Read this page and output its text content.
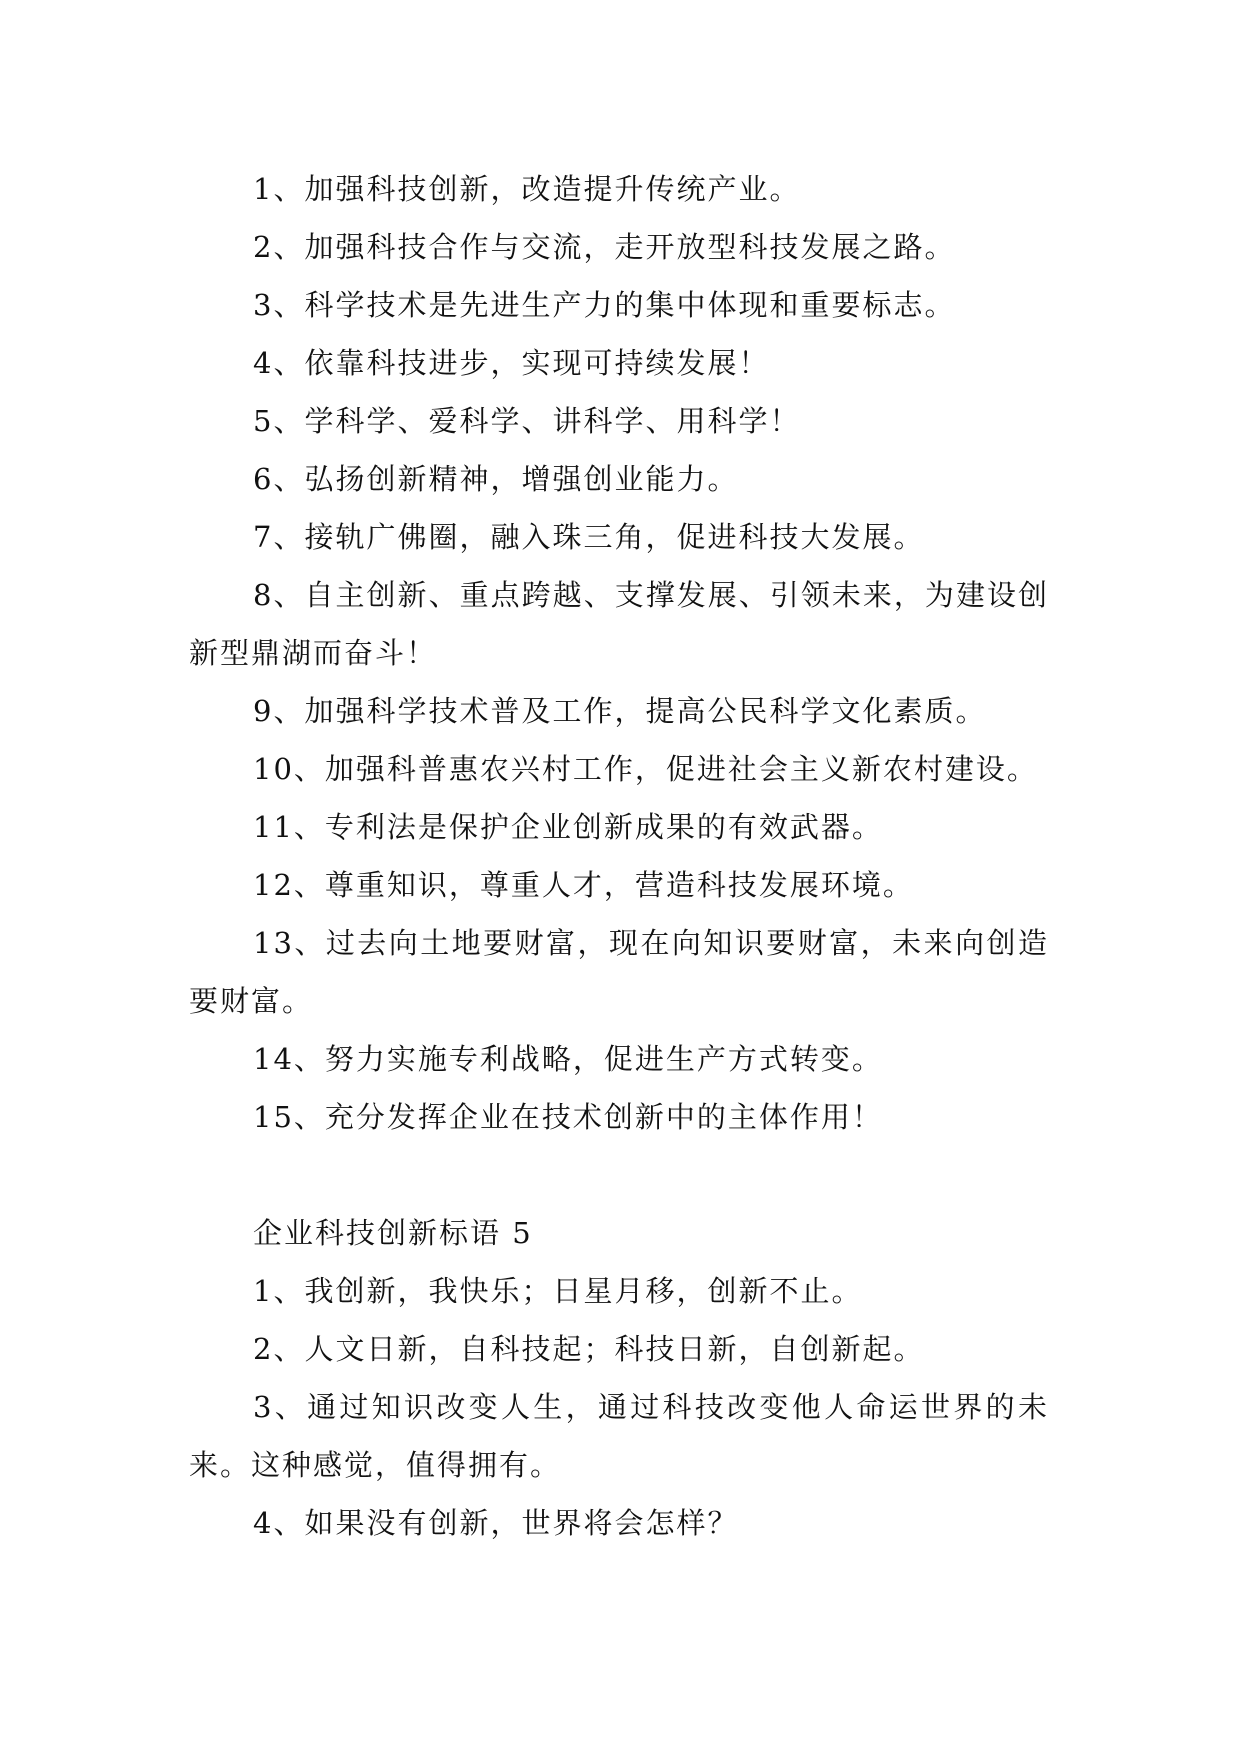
1、加强科技创新，改造提升传统产业。

2、加强科技合作与交流，走开放型科技发展之路。

3、科学技术是先进生产力的集中体现和重要标志。

4、依靠科技进步，实现可持续发展！

5、学科学、爱科学、讲科学、用科学！

6、弘扬创新精神，增强创业能力。

7、接轨广佛圈，融入珠三角，促进科技大发展。

8、自主创新、重点跨越、支撑发展、引领未来，为建设创新型鼎湖而奋斗！

9、加强科学技术普及工作，提高公民科学文化素质。

10、加强科普惠农兴村工作，促进社会主义新农村建设。

11、专利法是保护企业创新成果的有效武器。

12、尊重知识，尊重人才，营造科技发展环境。

13、过去向土地要财富，现在向知识要财富，未来向创造要财富。

14、努力实施专利战略，促进生产方式转变。

15、充分发挥企业在技术创新中的主体作用！

企业科技创新标语 5

1、我创新，我快乐；日星月移，创新不止。

2、人文日新，自科技起；科技日新，自创新起。

3、通过知识改变人生，通过科技改变他人命运世界的未来。这种感觉，值得拥有。

4、如果没有创新，世界将会怎样？
